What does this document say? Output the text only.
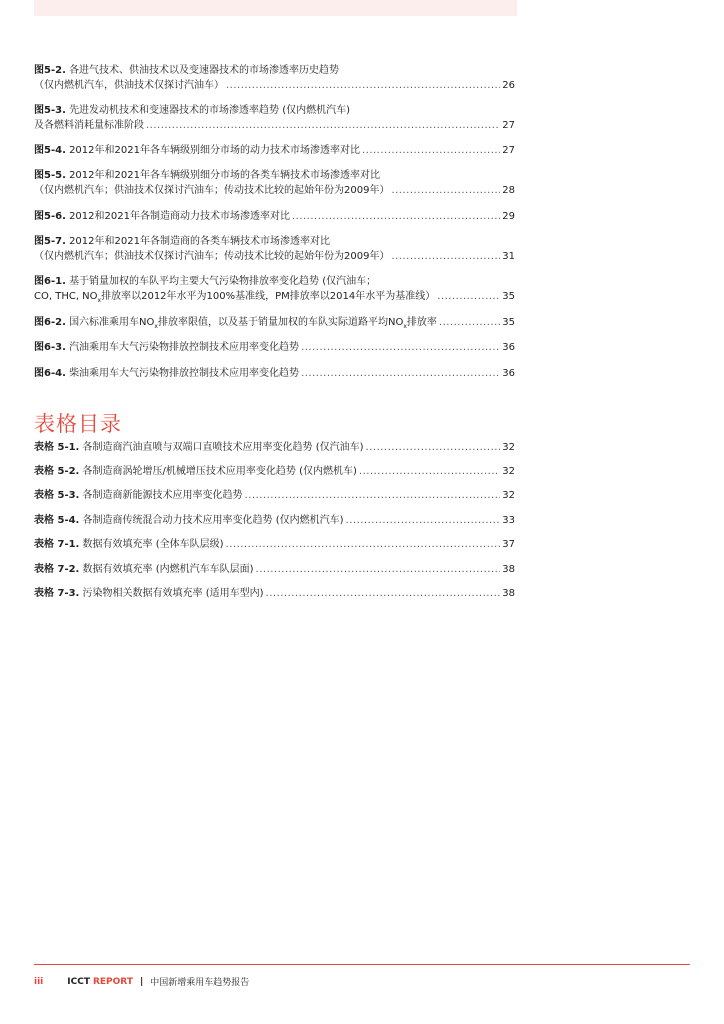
图5-2.
各进气技术、供油技术以及变速器技术的市场渗透率历史趋势
（仅内燃机汽车，供油技术仅探讨汽油车） .....	26
图5-3.
先进发动机技术和变速器技术的市场渗透率趋势 (仅内燃机汽车)
及各燃料消耗量标准阶段 .....	27
图5-4.
2012年和2021年各车辆级别细分市场的动力技术市场渗透率对比 .....	27
图5-5.
2012年和2021年各车辆级别细分市场的各类车辆技术市场渗透率对比
（仅内燃机汽车；供油技术仅探讨汽油车；传动技术比较的起始年份为2009年） .....	28
图5-6.
2012和2021年各制造商动力技术市场渗透率对比 .....	29
图5-7.
2012年和2021年各制造商的各类车辆技术市场渗透率对比
（仅内燃机汽车；供油技术仅探讨汽油车；传动技术比较的起始年份为2009年） .....	31
图6-1.
基于销量加权的车队平均主要大气污染物排放率变化趋势 (仅汽油车；
CO, THC, NO x 排放率以2012年水平为100%基准线，PM排放率以2014年水平为基准线） .....	35
图6-2.
国六标准乘用车NO x 排放率限值，以及基于销量加权的车队实际道路平均NO x 排放率 .....	35
图6-3.
汽油乘用车大气污染物排放控制技术应用率变化趋势 .....	36
图6-4.
柴油乘用车大气污染物排放控制技术应用率变化趋势 .....	36
表格目录
表格 5-1.
各制造商汽油直喷与双端口直喷技术应用率变化趋势 (仅汽油车) .....	32
表格 5-2.
各制造商涡轮增压/机械增压技术应用率变化趋势 (仅内燃机车) .....	32
表格 5-3.
各制造商新能源技术应用率变化趋势 .....	32
表格 5-4.
各制造商传统混合动力技术应用率变化趋势 (仅内燃机汽车) .....	33
表格 7-1.
数据有效填充率 (全体车队层级) .....	37
表格 7-2.
数据有效填充率 (内燃机汽车车队层面) .....	38
表格 7-3.
污染物相关数据有效填充率 (适用车型内) .....	38
iii	ICCT REPORT | 中国新增乘用车趋势报告
